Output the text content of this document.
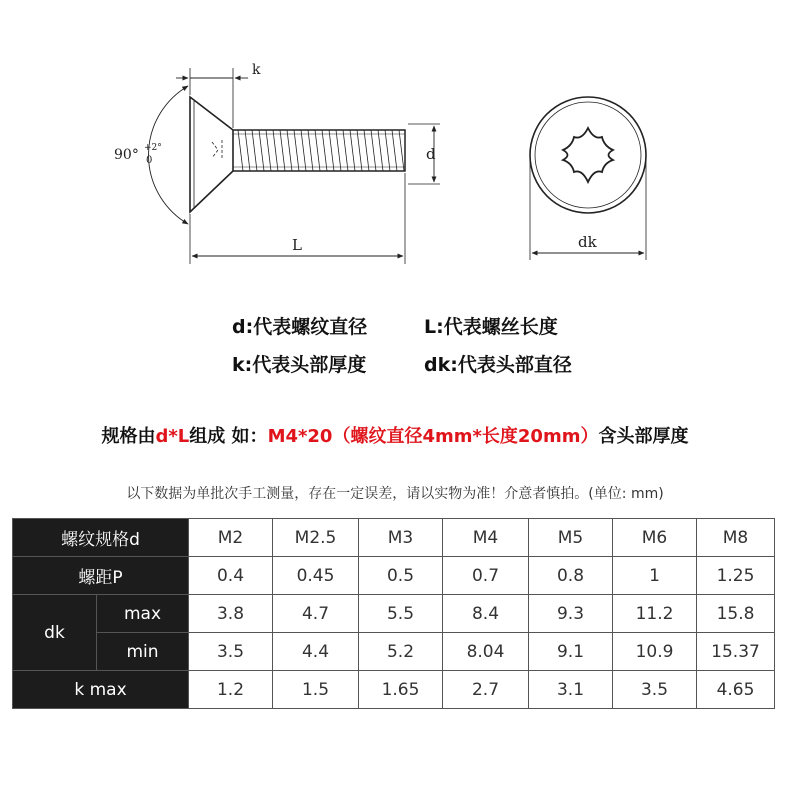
k
d
L	dk
90° +2°
0
d:代表螺纹直径	L:代表螺丝长度
k:代表头部厚度	dk:代表头部直径
规格由d*L组成 如：M4*20（螺纹直径4mm*长度20mm）含头部厚度
以下数据为单批次手工测量，存在一定误差，请以实物为准！介意者慎拍。(单位: mm)
螺纹规格d		M2	M2.5	M3	M4	M5	M6	M8
螺距P		0.4	0.45	0.5	0.7	0.8	1	1.25
dk	max	3.8	4.7	5.5	8.4	9.3	11.2	15.8
	min	3.5	4.4	5.2	8.04	9.1	10.9	15.37
k max		1.2	1.5	1.65	2.7	3.1	3.5	4.65
